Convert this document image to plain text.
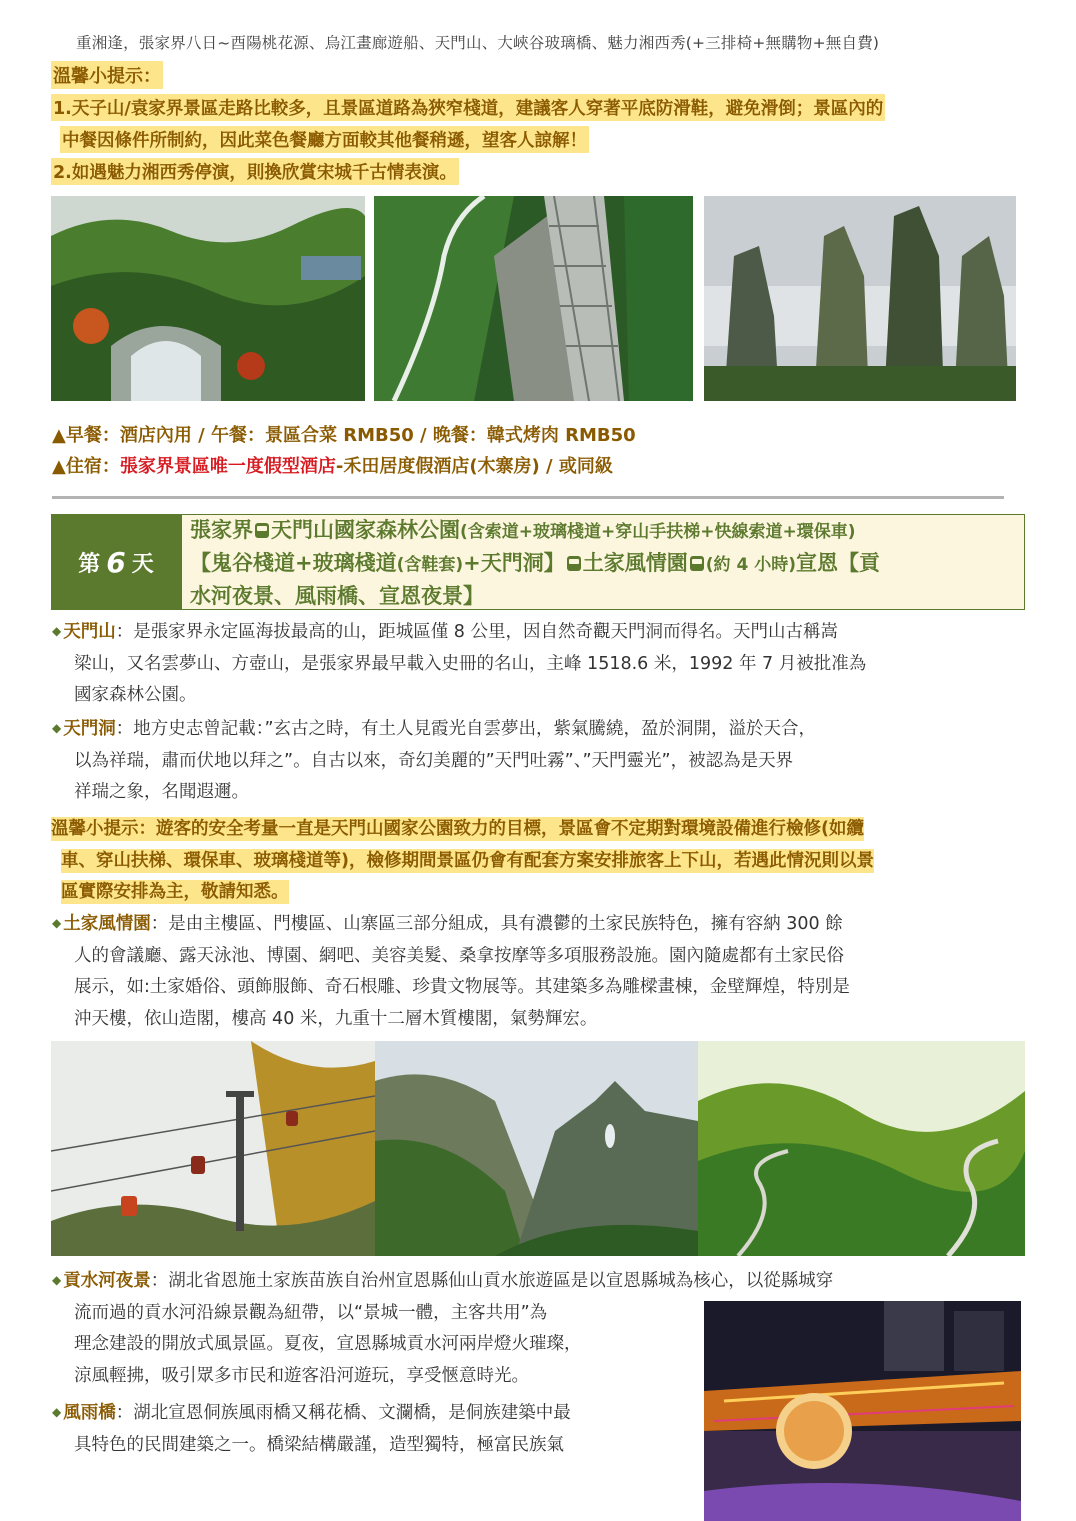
重湘逢，張家界八日~酉陽桃花源、烏江畫廊遊船、天門山、大峽谷玻璃橋、魅力湘西秀(+三排椅+無購物+無自費)
溫馨小提示：
1.天子山/袁家界景區走路比較多，且景區道路為狹窄棧道，建議客人穿著平底防滑鞋，避免滑倒；景區內的
中餐因條件所制約，因此菜色餐廳方面較其他餐稍遜，望客人諒解！
2.如遇魅力湘西秀停演，則換欣賞宋城千古情表演。
▲早餐：酒店內用 / 午餐：景區合菜 RMB50 / 晚餐：韓式烤肉 RMB50
▲住宿：張家界景區唯一度假型酒店-禾田居度假酒店(木寨房) / 或同級
第 6 天
張家界 天門山國家森林公園(含索道+玻璃棧道+穿山手扶梯+快線索道+環保車)
【鬼谷棧道+玻璃棧道(含鞋套)+天門洞】 土家風情園 (約 4 小時)宣恩【貢
水河夜景、風雨橋、宣恩夜景】
◆ 天門山：是張家界永定區海拔最高的山，距城區僅 8 公里，因自然奇觀天門洞而得名。天門山古稱嵩
梁山，又名雲夢山、方壺山，是張家界最早載入史冊的名山，主峰 1518.6 米，1992 年 7 月被批准為
國家森林公園。
◆ 天門洞：地方史志曾記載：”玄古之時，有土人見霞光自雲夢出，紫氣騰繞，盈於洞開，溢於天合，
以為祥瑞，肅而伏地以拜之”。自古以來，奇幻美麗的”天門吐霧”、”天門靈光”，被認為是天界
祥瑞之象，名聞遐邇。
溫馨小提示：遊客的安全考量一直是天門山國家公園致力的目標，景區會不定期對環境設備進行檢修(如纜
車、穿山扶梯、環保車、玻璃棧道等)，檢修期間景區仍會有配套方案安排旅客上下山，若遇此情況則以景
區實際安排為主，敬請知悉。
◆ 土家風情園：是由主樓區、門樓區、山寨區三部分組成，具有濃鬱的土家民族特色，擁有容納 300 餘
人的會議廳、露天泳池、博園、網吧、美容美髮、桑拿按摩等多項服務設施。園內隨處都有土家民俗
展示，如:土家婚俗、頭飾服飾、奇石根雕、珍貴文物展等。其建築多為雕樑畫棟，金壁輝煌，特別是
沖天樓，依山造閣，樓高 40 米，九重十二層木質樓閣，氣勢輝宏。
◆ 貢水河夜景：湖北省恩施土家族苗族自治州宣恩縣仙山貢水旅遊區是以宣恩縣城為核心，以從縣城穿
流而過的貢水河沿線景觀為紐帶，以“景城一體，主客共用”為
理念建設的開放式風景區。夏夜，宣恩縣城貢水河兩岸燈火璀璨，
涼風輕拂，吸引眾多市民和遊客沿河遊玩，享受愜意時光。
◆ 風雨橋：湖北宣恩侗族風雨橋又稱花橋、文瀾橋，是侗族建築中最
具特色的民間建築之一。橋梁結構嚴謹，造型獨特，極富民族氣
